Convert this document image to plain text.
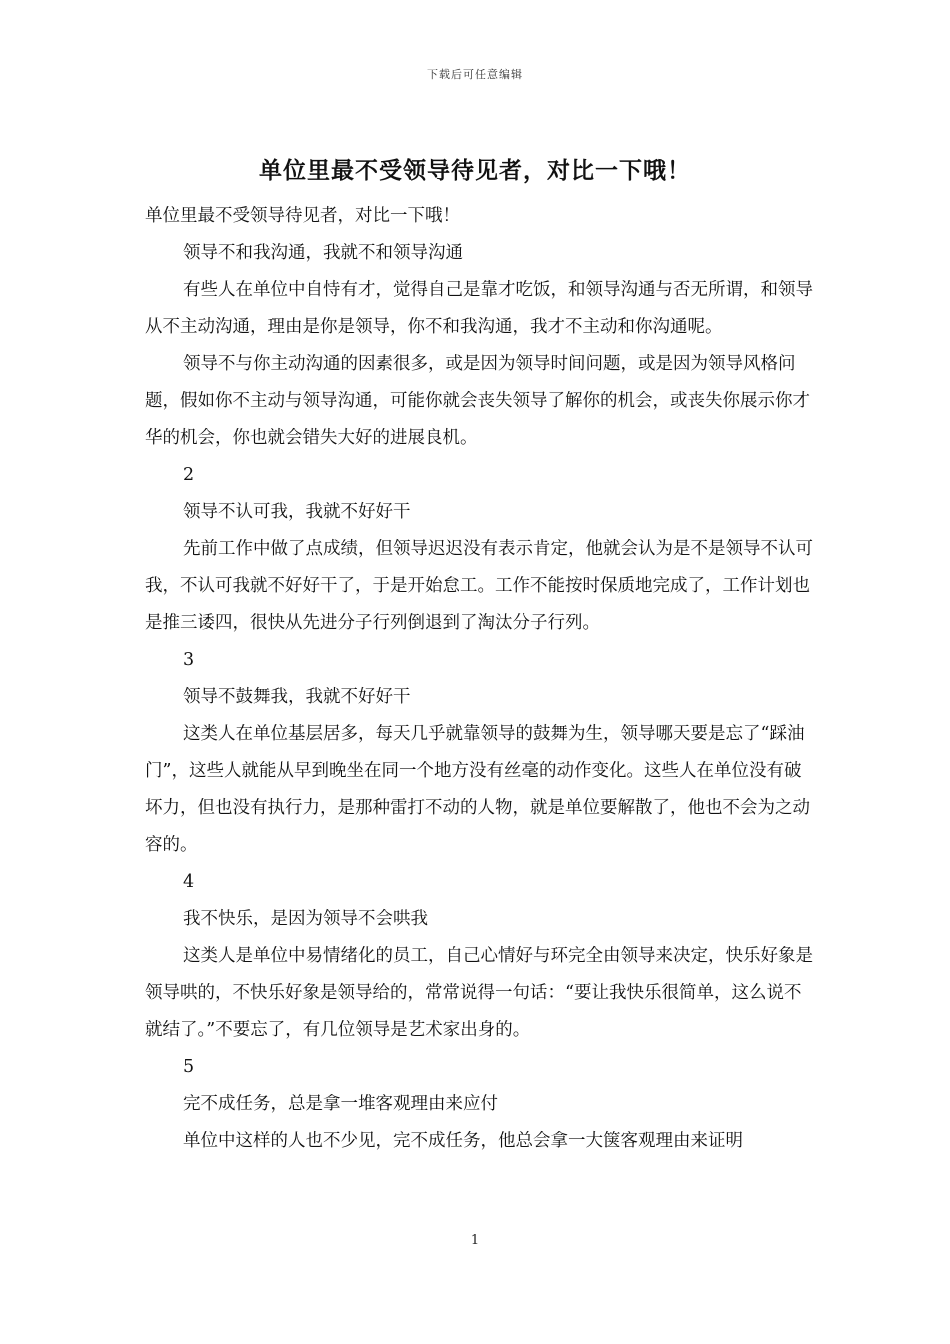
下载后可任意编辑
单位里最不受领导待见者，对比一下哦！

单位里最不受领导待见者，对比一下哦！

领导不和我沟通，我就不和领导沟通

有些人在单位中自恃有才，觉得自己是靠才吃饭，和领导沟通与否无所谓，和领导从不主动沟通，理由是你是领导，你不和我沟通，我才不主动和你沟通呢。

领导不与你主动沟通的因素很多，或是因为领导时间问题，或是因为领导风格问题，假如你不主动与领导沟通，可能你就会丧失领导了解你的机会，或丧失你展示你才华的机会，你也就会错失大好的进展良机。

2

领导不认可我，我就不好好干

先前工作中做了点成绩，但领导迟迟没有表示肯定，他就会认为是不是领导不认可我，不认可我就不好好干了，于是开始怠工。工作不能按时保质地完成了，工作计划也是推三诿四，很快从先进分子行列倒退到了淘汰分子行列。

3

领导不鼓舞我，我就不好好干

这类人在单位基层居多，每天几乎就靠领导的鼓舞为生，领导哪天要是忘了“踩油门”，这些人就能从早到晚坐在同一个地方没有丝毫的动作变化。这些人在单位没有破坏力，但也没有执行力，是那种雷打不动的人物，就是单位要解散了，他也不会为之动容的。

4

我不快乐，是因为领导不会哄我

这类人是单位中易情绪化的员工，自己心情好与环完全由领导来决定，快乐好象是领导哄的，不快乐好象是领导给的，常常说得一句话：“要让我快乐很简单，这么说不就结了。”不要忘了，有几位领导是艺术家出身的。

5

完不成任务，总是拿一堆客观理由来应付

单位中这样的人也不少见，完不成任务，他总会拿一大箧客观理由来证明

1
